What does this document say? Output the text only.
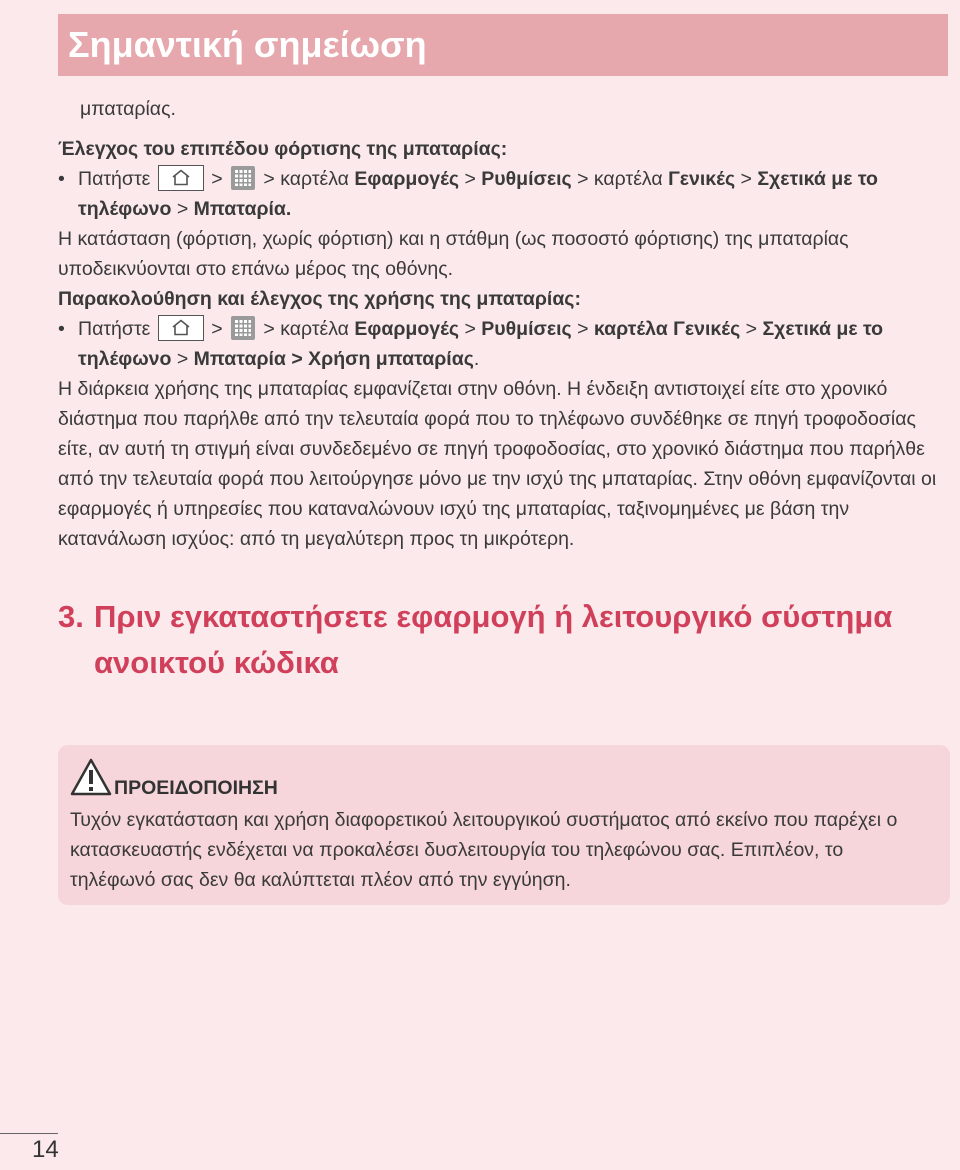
Σημαντική σημείωση

μπαταρίας.

Έλεγχος του επιπέδου φόρτισης της μπαταρίας:

• Πατήστε	> > καρτέλα Εφαρμογές > Ρυθμίσεις > καρτέλα Γενικές > Σχετικά με το τηλέφωνο > Μπαταρία.

Η κατάσταση (φόρτιση, χωρίς φόρτιση) και η στάθμη (ως ποσοστό φόρτισης) της μπαταρίας υποδεικνύονται στο επάνω μέρος της οθόνης.

Παρακολούθηση και έλεγχος της χρήσης της μπαταρίας:

• Πατήστε	> > καρτέλα Εφαρμογές > Ρυθμίσεις > καρτέλα Γενικές > Σχετικά με το τηλέφωνο > Μπαταρία > Χρήση μπαταρίας.

Η διάρκεια χρήσης της μπαταρίας εμφανίζεται στην οθόνη. Η ένδειξη αντιστοιχεί είτε στο χρονικό διάστημα που παρήλθε από την τελευταία φορά που το τηλέφωνο συνδέθηκε σε πηγή τροφοδοσίας είτε, αν αυτή τη στιγμή είναι συνδεδεμένο σε πηγή τροφοδοσίας, στο χρονικό διάστημα που παρήλθε από την τελευταία φορά που λειτούργησε μόνο με την ισχύ της μπαταρίας. Στην οθόνη εμφανίζονται οι εφαρμογές ή υπηρεσίες που καταναλώνουν ισχύ της μπαταρίας, ταξινομημένες με βάση την κατανάλωση ισχύος: από τη μεγαλύτερη προς τη μικρότερη.

3. Πριν εγκαταστήσετε εφαρμογή ή λειτουργικό σύστημα

ανοικτού κώδικα

ΠΡΟΕΙΔΟΠΟΙΗΣΗ
Τυχόν εγκατάσταση και χρήση διαφορετικού λειτουργικού συστήματος από εκείνο που παρέχει ο κατασκευαστής ενδέχεται να προκαλέσει δυσλειτουργία του τηλεφώνου σας. Επιπλέον, το τηλέφωνό σας δεν θα καλύπτεται πλέον από την εγγύηση.
14
